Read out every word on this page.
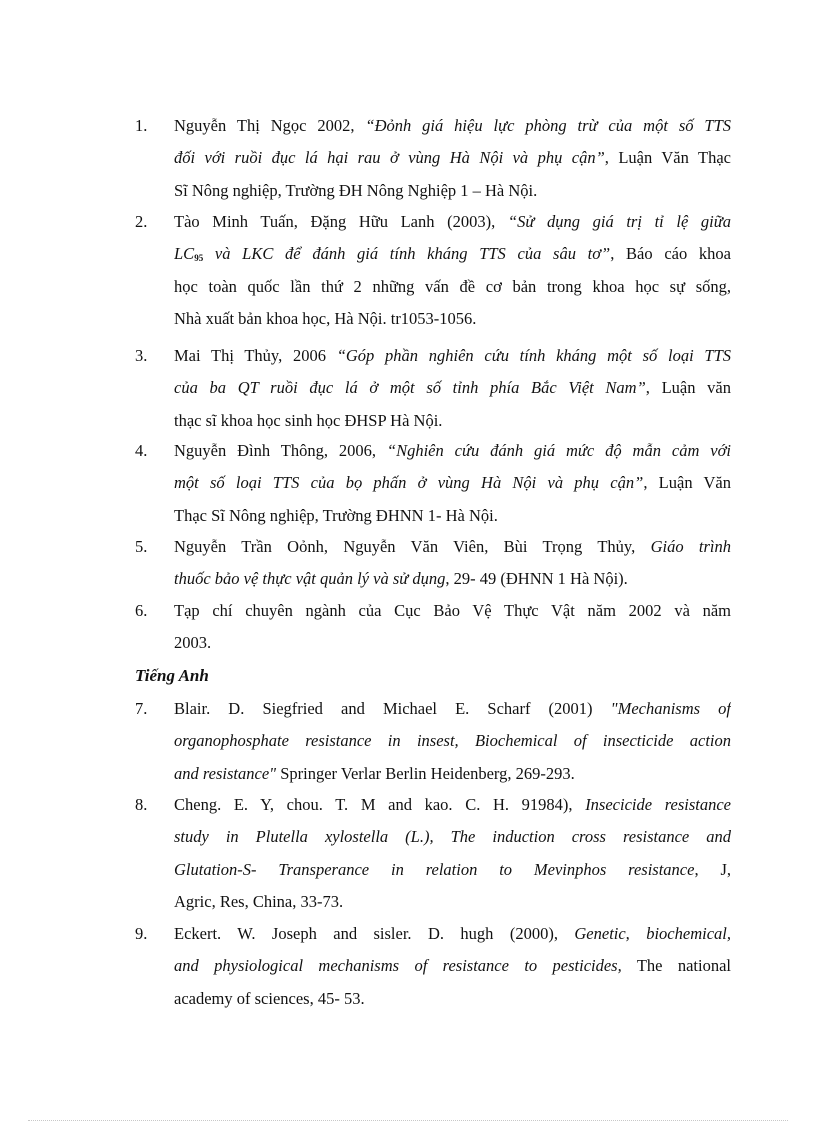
1. Nguyễn Thị Ngọc 2002, “Đỏnh giá hiệu lực phòng trừ của một số TTS
đối với ruồi đục lá hại rau ở vùng Hà Nội và phụ cận”, Luận Văn Thạc
Sĩ Nông nghiệp, Trường ĐH Nông Nghiệp 1 – Hà Nội.
2. Tào Minh Tuấn, Đặng Hữu Lanh (2003), “Sử dụng giá trị tỉ lệ giữa
$LC_{95}$ và LKC để đánh giá tính kháng TTS của sâu tơ”, Báo cáo khoa
học toàn quốc lần thứ 2 những vấn đề cơ bản trong khoa học sự sống,
Nhà xuất bản khoa học, Hà Nội. tr1053-1056.
3. Mai Thị Thủy, 2006 “Góp phần nghiên cứu tính kháng một số loại TTS
của ba QT ruồi đục lá ở một số tỉnh phía Bắc Việt Nam”, Luận văn
thạc sĩ khoa học sinh học ĐHSP Hà Nội.
4. Nguyễn Đình Thông, 2006, “Nghiên cứu đánh giá mức độ mẫn cảm với
một số loại TTS của bọ phấn ở vùng Hà Nội và phụ cận”, Luận Văn
Thạc Sĩ Nông nghiệp, Trường ĐHNN 1- Hà Nội.
5. Nguyễn Trần Oỏnh, Nguyễn Văn Viên, Bùi Trọng Thủy, Giáo trình
thuốc bảo vệ thực vật quản lý và sử dụng, 29- 49 (ĐHNN 1 Hà Nội).
6. Tạp chí chuyên ngành của Cục Bảo Vệ Thực Vật năm 2002 và năm
2003.
Tiếng Anh
7. Blair. D. Siegfried and Michael E. Scharf (2001) "Mechanisms of
organophosphate resistance in insest, Biochemical of insecticide action
and resistance" Springer Verlar Berlin Heidenberg, 269-293.
8. Cheng. E. Y, chou. T. M and kao. C. H. 91984), Insecicide resistance
study in Plutella xylostella (L.), The induction cross resistance and
Glutation-S- Transperance in relation to Mevinphos resistance, J,
Agric, Res, China, 33-73.
9. Eckert. W. Joseph and sisler. D. hugh (2000), Genetic, biochemical,
and physiological mechanisms of resistance to pesticides, The national
academy of sciences, 45- 53.
